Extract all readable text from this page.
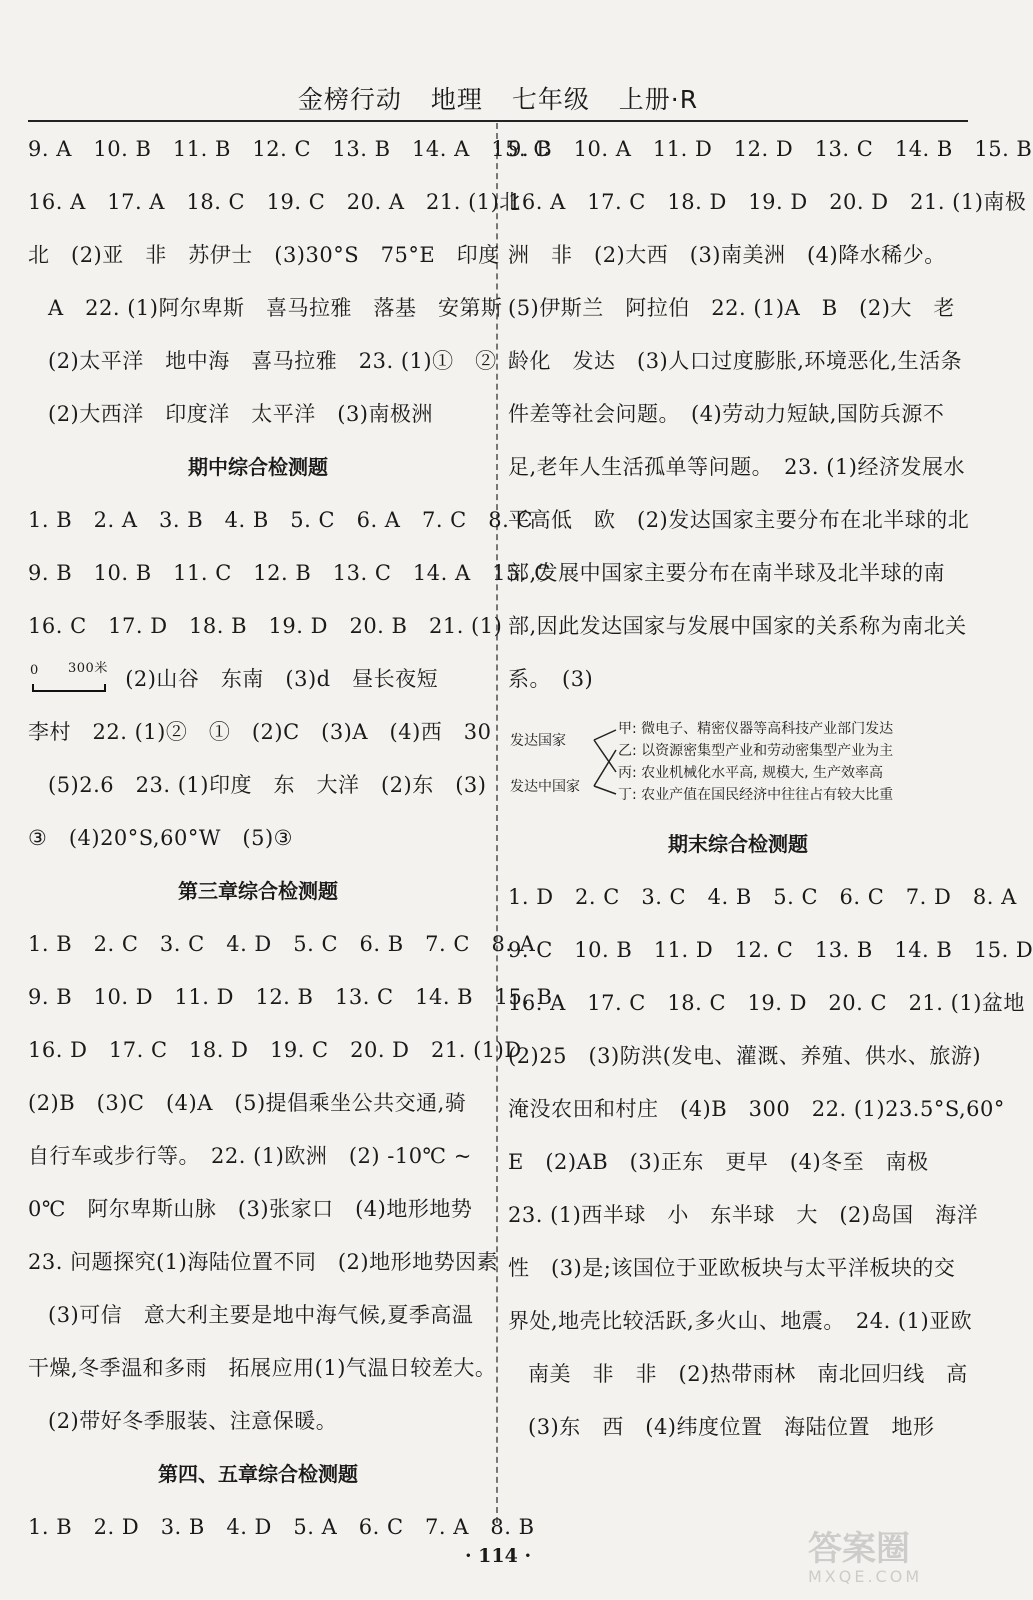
金榜行动 地理 七年级 上册·R
9. A　10. B　11. B　12. C　13. B　14. A　15. C
16. A　17. A　18. C　19. C　20. A　21. (1)北
北　(2)亚　非　苏伊士　(3)30°S　75°E　印度
A　22. (1)阿尔卑斯　喜马拉雅　落基　安第斯
(2)太平洋　地中海　喜马拉雅　23. (1)①　②
(2)大西洋　印度洋　太平洋　(3)南极洲
期中综合检测题
1. B　2. A　3. B　4. B　5. C　6. A　7. C　8. C
9. B　10. B　11. C　12. B　13. C　14. A　15. C
16. C　17. D　18. B　19. D　20. B　21. (1)
0 300米 (2)山谷　东南　(3)d　昼长夜短
李村　22. (1)②　①　(2)C　(3)A　(4)西　30
(5)2.6　23. (1)印度　东　大洋　(2)东　(3)
③　(4)20°S,60°W　(5)③
第三章综合检测题
1. B　2. C　3. C　4. D　5. C　6. B　7. C　8. A
9. B　10. D　11. D　12. B　13. C　14. B　15. B
16. D　17. C　18. D　19. C　20. D　21. (1)D
(2)B　(3)C　(4)A　(5)提倡乘坐公共交通,骑
自行车或步行等。　22. (1)欧洲　(2) -10℃ ~
0℃　阿尔卑斯山脉　(3)张家口　(4)地形地势
23. 问题探究(1)海陆位置不同　(2)地形地势因素
(3)可信　意大利主要是地中海气候,夏季高温
干燥,冬季温和多雨　拓展应用(1)气温日较差大。
(2)带好冬季服装、注意保暖。
第四、五章综合检测题
1. B　2. D　3. B　4. D　5. A　6. C　7. A　8. B
9. B　10. A　11. D　12. D　13. C　14. B　15. B
16. A　17. C　18. D　19. D　20. D　21. (1)南极
洲　非　(2)大西　(3)南美洲　(4)降水稀少。
(5)伊斯兰　阿拉伯　22. (1)A　B　(2)大　老
龄化　发达　(3)人口过度膨胀,环境恶化,生活条
件差等社会问题。　(4)劳动力短缺,国防兵源不
足,老年人生活孤单等问题。　23. (1)经济发展水
平高低　欧　(2)发达国家主要分布在北半球的北
部,发展中国家主要分布在南半球及北半球的南
部,因此发达国家与发展中国家的关系称为南北关
系。　(3)
发达国家
发达中国家
甲: 微电子、精密仪器等高科技产业部门发达
乙: 以资源密集型产业和劳动密集型产业为主
丙: 农业机械化水平高, 规模大, 生产效率高
丁: 农业产值在国民经济中往往占有较大比重
期末综合检测题
1. D　2. C　3. C　4. B　5. C　6. C　7. D　8. A
9. C　10. B　11. D　12. C　13. B　14. B　15. D
16. A　17. C　18. C　19. D　20. C　21. (1)盆地
(2)25　(3)防洪(发电、灌溉、养殖、供水、旅游)
淹没农田和村庄　(4)B　300　22. (1)23.5°S,60°
E　(2)AB　(3)正东　更早　(4)冬至　南极
23. (1)西半球　小　东半球　大　(2)岛国　海洋
性　(3)是;该国位于亚欧板块与太平洋板块的交
界处,地壳比较活跃,多火山、地震。　24. (1)亚欧
南美　非　非　(2)热带雨林　南北回归线　高
(3)东　西　(4)纬度位置　海陆位置　地形
· 114 ·	答案圈
MXQE.COM
